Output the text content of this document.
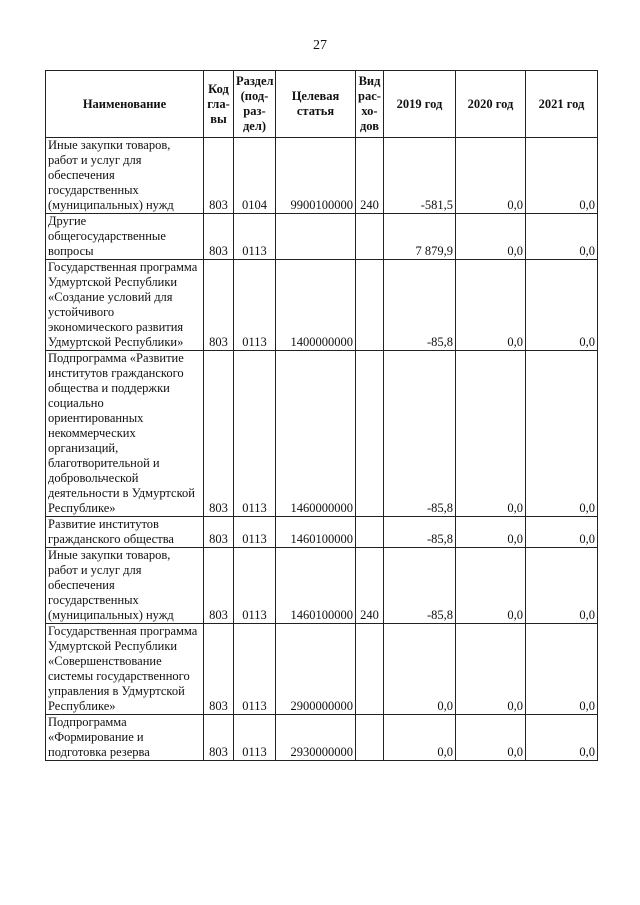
27
Наименование	Код гла-вы	Раздел (под-раз-дел)	Целевая статья	Вид рас-хо-дов	2019 год	2020 год	2021 год
Иные закупки товаров, работ и услуг для обеспечения государственных (муниципальных) нужд	803	0104	9900100000	240	-581,5	0,0	0,0
Другие общегосударственные вопросы	803	0113			7 879,9	0,0	0,0
Государственная программа Удмуртской Республики «Создание условий для устойчивого экономического развития Удмуртской Республики»	803	0113	1400000000		-85,8	0,0	0,0
Подпрограмма «Развитие институтов гражданского общества и поддержки социально ориентированных некоммерческих организаций, благотворительной и добровольческой деятельности в Удмуртской Республике»	803	0113	1460000000		-85,8	0,0	0,0
Развитие институтов гражданского общества	803	0113	1460100000		-85,8	0,0	0,0
Иные закупки товаров, работ и услуг для обеспечения государственных (муниципальных) нужд	803	0113	1460100000	240	-85,8	0,0	0,0
Государственная программа Удмуртской Республики «Совершенствование системы государственного управления в Удмуртской Республике»	803	0113	2900000000		0,0	0,0	0,0
Подпрограмма «Формирование и подготовка резерва	803	0113	2930000000		0,0	0,0	0,0
